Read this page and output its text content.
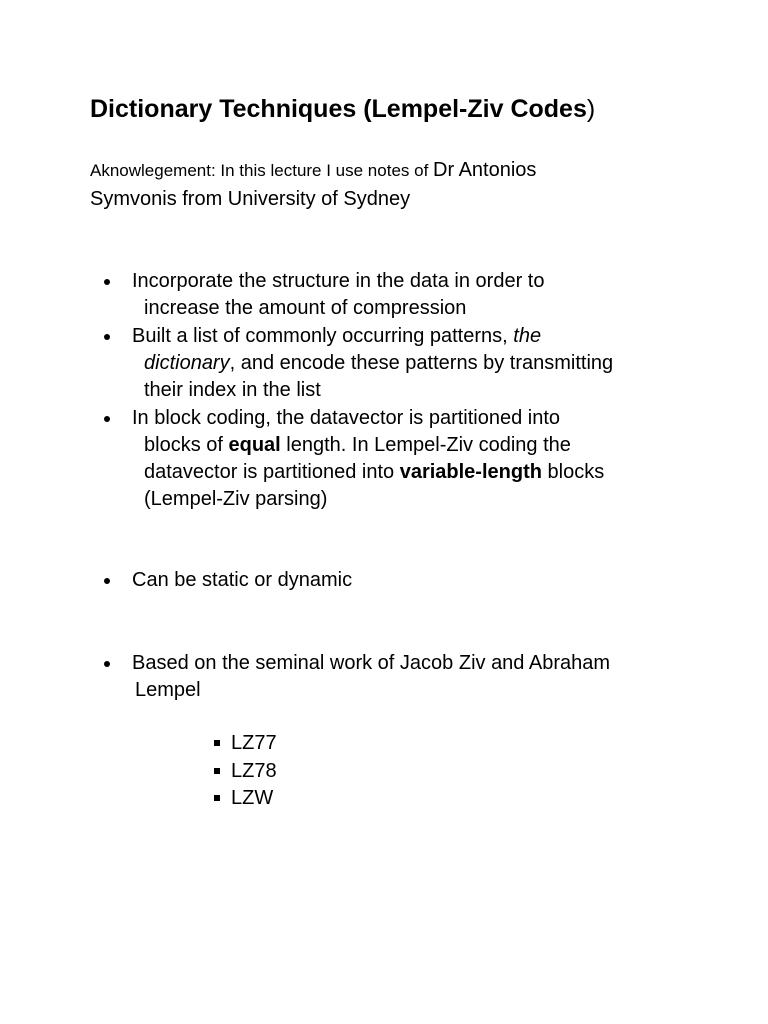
Dictionary Techniques (Lempel-Ziv Codes)
Aknowlegement: In this lecture I use notes of Dr Antonios
Symvonis from University of Sydney
Incorporate the structure in the data in order to
increase the amount of compression
Built a list of commonly occurring patterns, the
dictionary, and encode these patterns by transmitting
their index in the list
In block coding, the datavector is partitioned into
blocks of equal length. In Lempel-Ziv coding the
datavector is partitioned into variable-length blocks
(Lempel-Ziv parsing)
Can be static or dynamic
Based on the seminal work of Jacob Ziv and Abraham
Lempel
LZ77
LZ78
LZW
